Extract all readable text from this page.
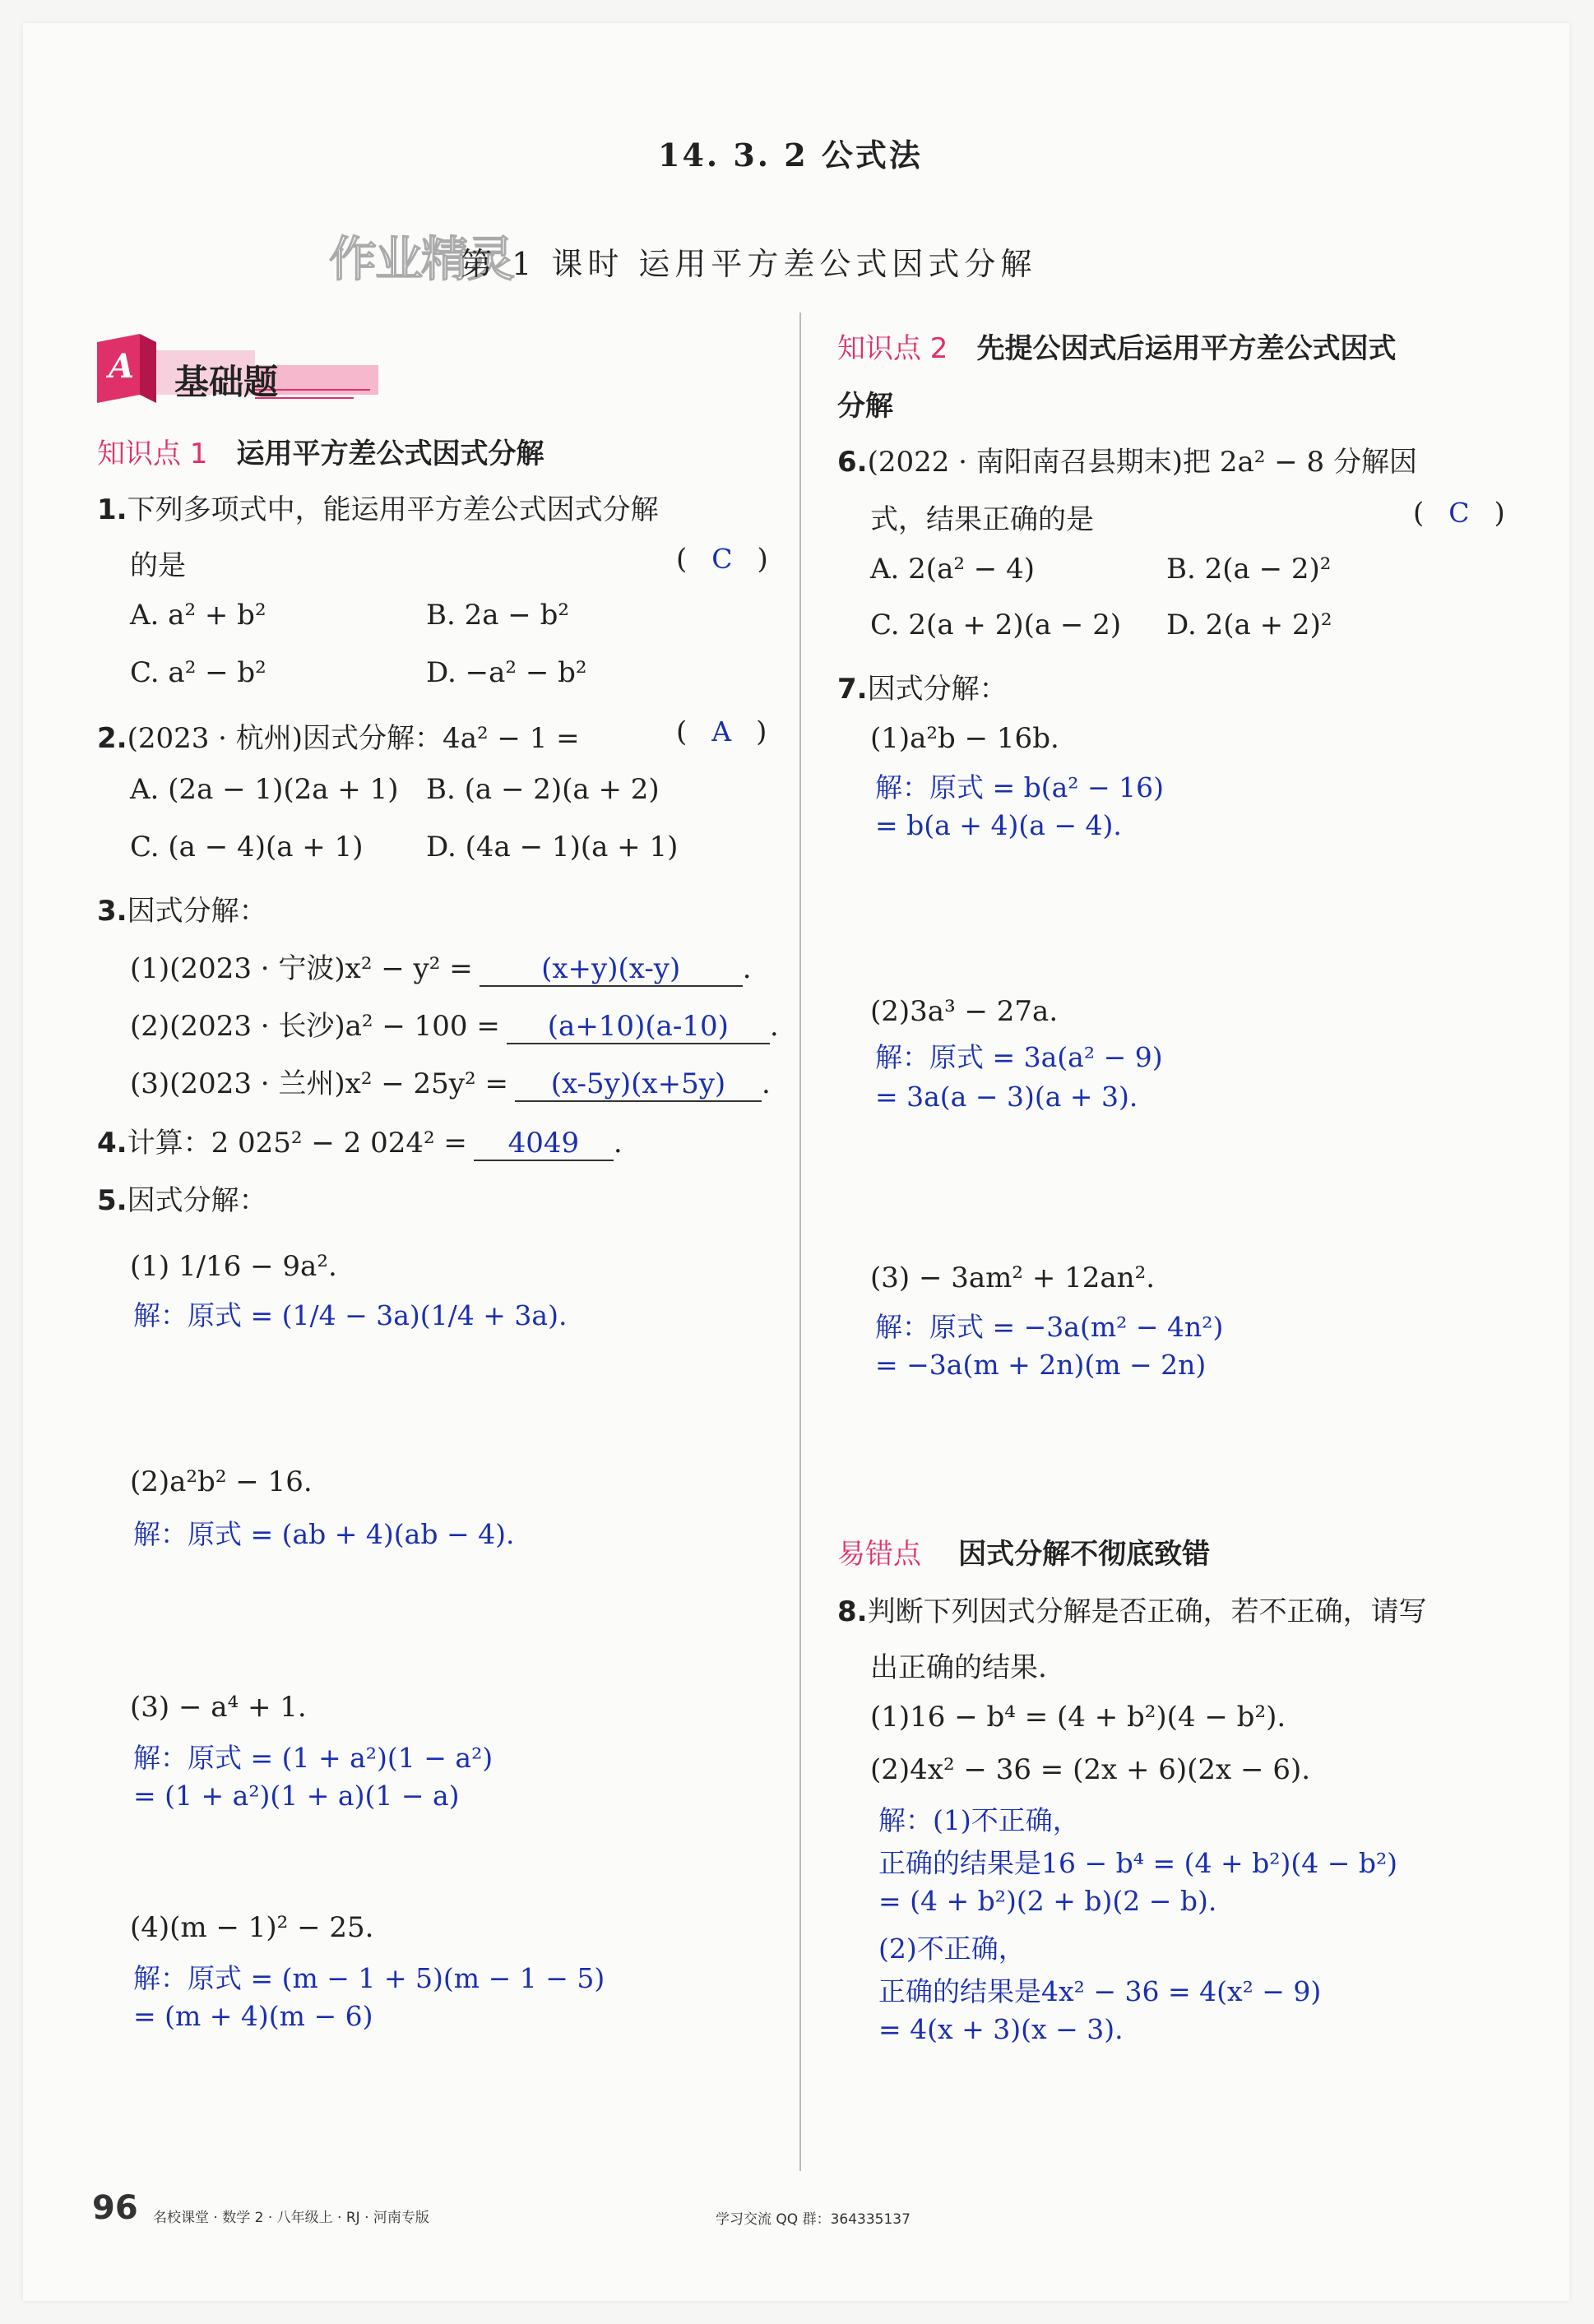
14. 3. 2 公式法
作业精灵
第 1 课时 运用平方差公式因式分解
A 基础题
知识点 1 运用平方差公式因式分解
1.下列多项式中，能运用平方差公式因式分解
的是	( C )
A. a² + b²	B. 2a − b²
C. a² − b²	D. −a² − b²
2.(2023 · 杭州)因式分解：4a² − 1 =	( A )
A. (2a − 1)(2a + 1) B. (a − 2)(a + 2)
C. (a − 4)(a + 1) D. (4a − 1)(a + 1)
3.因式分解：
(1)(2023 · 宁波)x² − y² = (x+y)(x-y) .
(2)(2023 · 长沙)a² − 100 = (a+10)(a-10) .
(3)(2023 · 兰州)x² − 25y² = (x-5y)(x+5y) .
4.计算：2 025² − 2 024² = 4049 .
5.因式分解：
(1) 1/16 − 9a².
解：原式 = (1/4 − 3a)(1/4 + 3a).
(2)a²b² − 16.
解：原式 = (ab + 4)(ab − 4).
(3) − a⁴ + 1.
解：原式 = (1 + a²)(1 − a²)
= (1 + a²)(1 + a)(1 − a)
(4)(m − 1)² − 25.
解：原式 = (m − 1 + 5)(m − 1 − 5)
= (m + 4)(m − 6)
知识点 2 先提公因式后运用平方差公式因式
分解
6.(2022 · 南阳南召县期末)把 2a² − 8 分解因
式，结果正确的是	( C )
A. 2(a² − 4)	B. 2(a − 2)²
C. 2(a + 2)(a − 2) D. 2(a + 2)²
7.因式分解：
(1)a²b − 16b.
解：原式 = b(a² − 16)
= b(a + 4)(a − 4).
(2)3a³ − 27a.
解：原式 = 3a(a² − 9)
= 3a(a − 3)(a + 3).
(3) − 3am² + 12an².
解：原式 = −3a(m² − 4n²)
= −3a(m + 2n)(m − 2n)
易错点 因式分解不彻底致错
8.判断下列因式分解是否正确，若不正确，请写
出正确的结果.
(1)16 − b⁴ = (4 + b²)(4 − b²).
(2)4x² − 36 = (2x + 6)(2x − 6).
解：(1)不正确，
正确的结果是16 − b⁴ = (4 + b²)(4 − b²)
= (4 + b²)(2 + b)(2 − b).
(2)不正确，
正确的结果是4x² − 36 = 4(x² − 9)
= 4(x + 3)(x − 3).
96 名校课堂 · 数学 2 · 八年级上 · RJ · 河南专版	学习交流 QQ 群：364335137
